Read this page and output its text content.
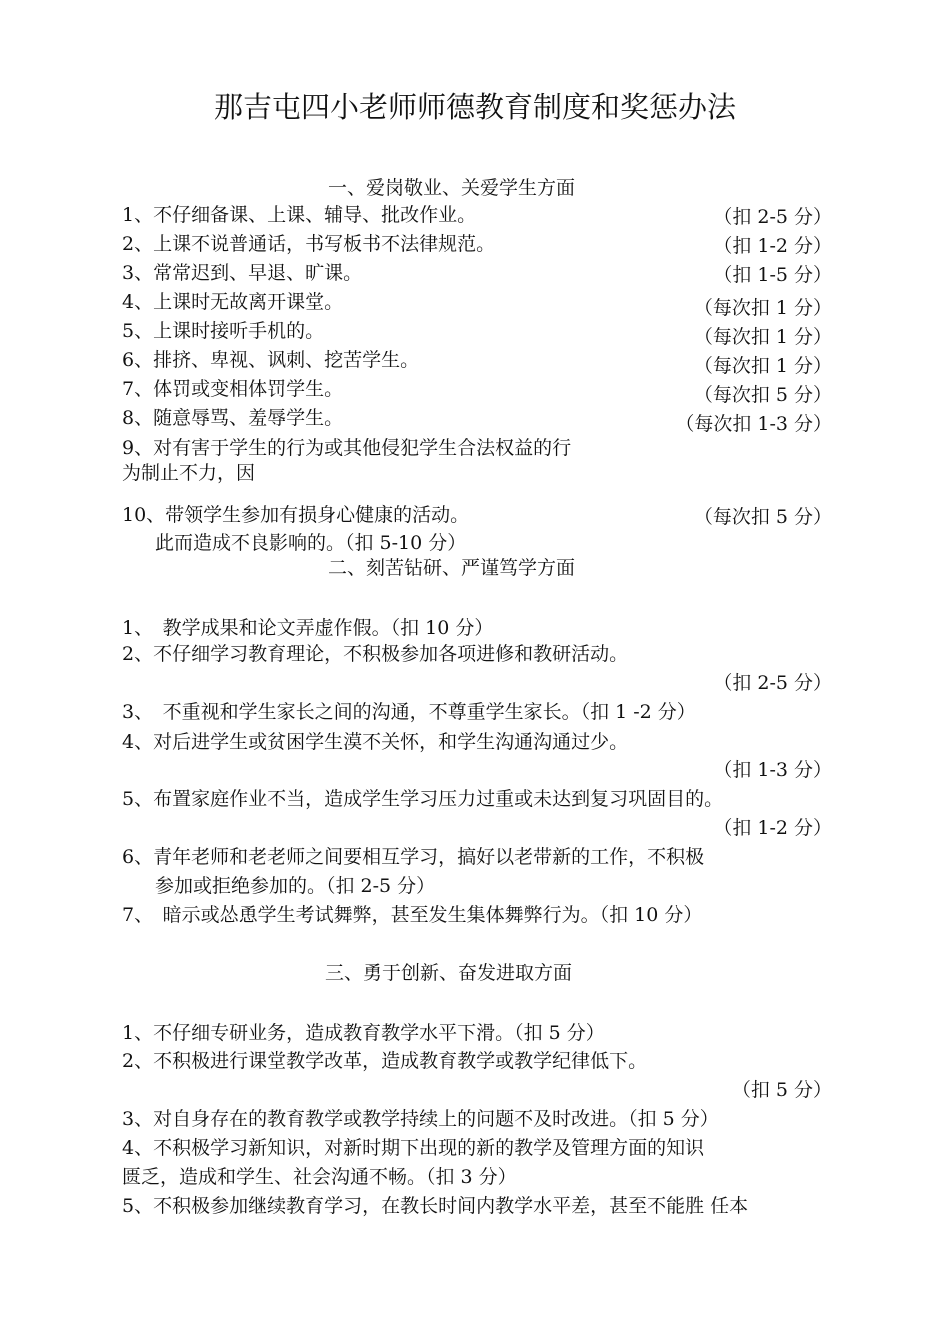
那吉屯四小老师师德教育制度和奖惩办法
一、爱岗敬业、关爱学生方面
1、不仔细备课、上课、辅导、批改作业。	（扣 2-5 分）
2、上课不说普通话，书写板书不法律规范。	（扣 1-2 分）
3、常常迟到、早退、旷课。	（扣 1-5 分）
4、上课时无故离开课堂。	（每次扣 1 分）
5、上课时接听手机的。	（每次扣 1 分）
6、排挤、卑视、讽刺、挖苦学生。	（每次扣 1 分）
7、体罚或变相体罚学生。	（每次扣 5 分）
8、随意辱骂、羞辱学生。	（每次扣 1-3 分）
9、对有害于学生的行为或其他侵犯学生合法权益的行
为制止不力，因
10、带领学生参加有损身心健康的活动。	（每次扣 5 分）
此而造成不良影响的。（扣 5-10 分）
二、刻苦钻研、严谨笃学方面
1、　教学成果和论文弄虚作假。（扣 10 分）
2、不仔细学习教育理论，不积极参加各项进修和教研活动。
（扣 2-5 分）
3、　不重视和学生家长之间的沟通，不尊重学生家长。（扣 1 -2 分）
4、对后进学生或贫困学生漠不关怀，和学生沟通沟通过少。
（扣 1-3 分）
5、布置家庭作业不当，造成学生学习压力过重或未达到复习巩固目的。
（扣 1-2 分）
6、青年老师和老老师之间要相互学习，搞好以老带新的工作，不积极
参加或拒绝参加的。（扣 2-5 分）
7、　暗示或怂恿学生考试舞弊，甚至发生集体舞弊行为。（扣 10 分）
三、勇于创新、奋发进取方面
1、不仔细专研业务，造成教育教学水平下滑。（扣 5 分）
2、不积极进行课堂教学改革，造成教育教学或教学纪律低下。
（扣 5 分）
3、对自身存在的教育教学或教学持续上的问题不及时改进。（扣 5 分）
4、不积极学习新知识，对新时期下出现的新的教学及管理方面的知识
匮乏，造成和学生、社会沟通不畅。（扣 3 分）
5、不积极参加继续教育学习，在教长时间内教学水平差，甚至不能胜 任本
